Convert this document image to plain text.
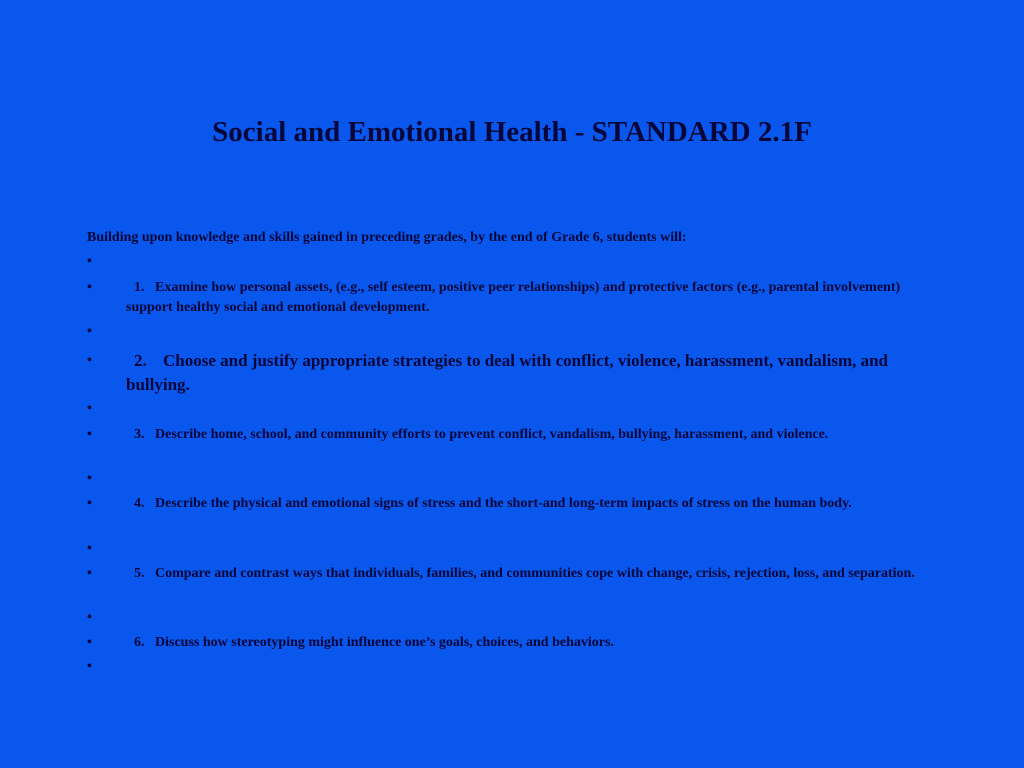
Social and Emotional Health - STANDARD 2.1F

Building upon knowledge and skills gained in preceding grades, by the end of Grade 6, students will:

•
•	1. Examine how personal assets, (e.g., self esteem, positive peer relationships) and protective factors (e.g., parental involvement) support healthy social and emotional development.
•
•	2. Choose and justify appropriate strategies to deal with conflict, violence, harassment, vandalism, and bullying.
•
•	3. Describe home, school, and community efforts to prevent conflict, vandalism, bullying, harassment, and violence.
•
•	4. Describe the physical and emotional signs of stress and the short-and long-term impacts of stress on the human body.
•
•	5. Compare and contrast ways that individuals, families, and communities cope with change, crisis, rejection, loss, and separation.
•
•	6. Discuss how stereotyping might influence one’s goals, choices, and behaviors.
•
